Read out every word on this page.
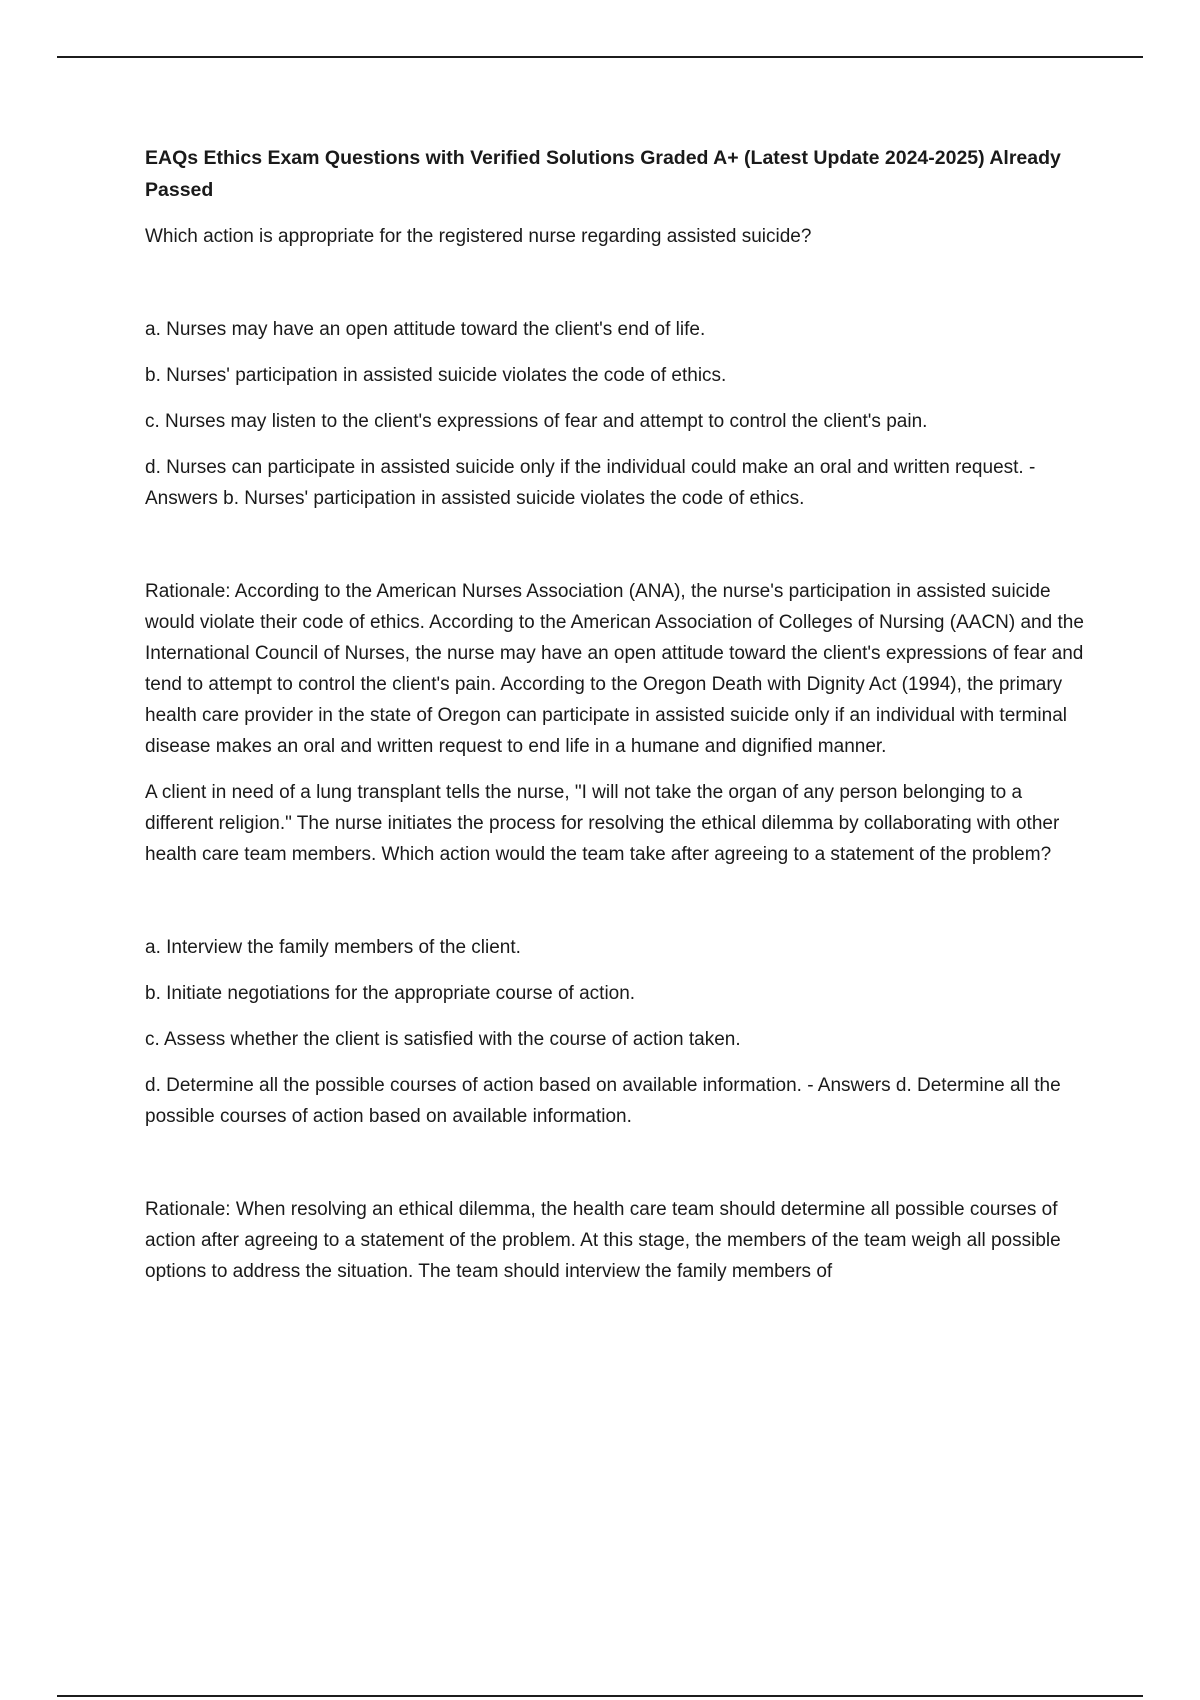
EAQs Ethics Exam Questions with Verified Solutions Graded A+ (Latest Update 2024-2025) Already Passed

Which action is appropriate for the registered nurse regarding assisted suicide?

a. Nurses may have an open attitude toward the client's end of life.

b. Nurses' participation in assisted suicide violates the code of ethics.

c. Nurses may listen to the client's expressions of fear and attempt to control the client's pain.

d. Nurses can participate in assisted suicide only if the individual could make an oral and written request. - Answers b. Nurses' participation in assisted suicide violates the code of ethics.

Rationale: According to the American Nurses Association (ANA), the nurse's participation in assisted suicide would violate their code of ethics. According to the American Association of Colleges of Nursing (AACN) and the International Council of Nurses, the nurse may have an open attitude toward the client's expressions of fear and tend to attempt to control the client's pain. According to the Oregon Death with Dignity Act (1994), the primary health care provider in the state of Oregon can participate in assisted suicide only if an individual with terminal disease makes an oral and written request to end life in a humane and dignified manner.

A client in need of a lung transplant tells the nurse, "I will not take the organ of any person belonging to a different religion." The nurse initiates the process for resolving the ethical dilemma by collaborating with other health care team members. Which action would the team take after agreeing to a statement of the problem?

a. Interview the family members of the client.

b. Initiate negotiations for the appropriate course of action.

c. Assess whether the client is satisfied with the course of action taken.

d. Determine all the possible courses of action based on available information. - Answers d. Determine all the possible courses of action based on available information.

Rationale: When resolving an ethical dilemma, the health care team should determine all possible courses of action after agreeing to a statement of the problem. At this stage, the members of the team weigh all possible options to address the situation. The team should interview the family members of
